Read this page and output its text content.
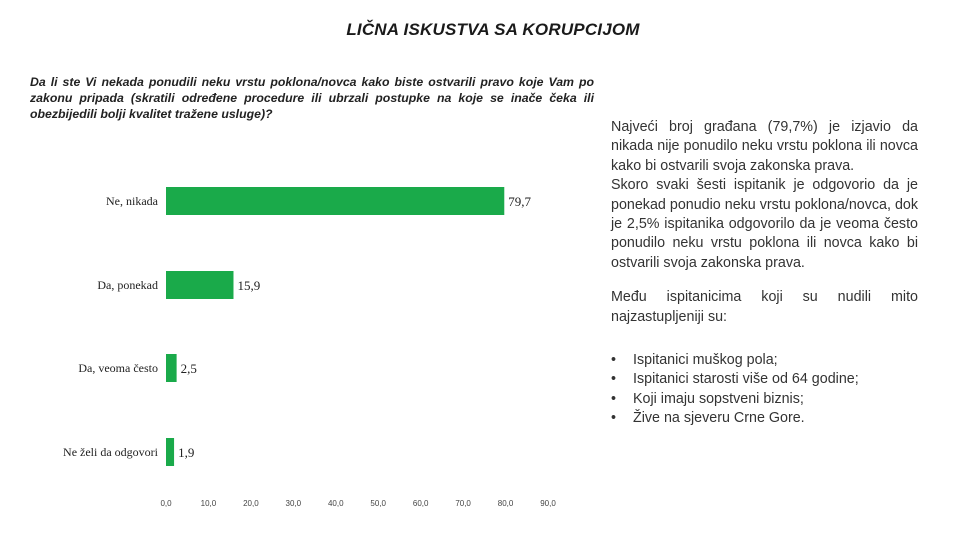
LIČNA ISKUSTVA SA KORUPCIJOM
Da li ste Vi nekada ponudili neku vrstu poklona/novca kako biste ostvarili pravo koje Vam po zakonu pripada (skratili određene procedure ili ubrzali postupke na koje se inače čeka ili obezbijedili bolji kvalitet tražene usluge)?
Ne, nikada	79,7
Da, ponekad	15,9
Da, veoma često 2,5
Ne želi da odgovori 1,9
0,0	10,0	20,0	30,0	40,0	50,0	60,0	70,0	80,0	90,0

Najveći broj građana (79,7%) je izjavio da nikada nije ponudilo neku vrstu poklona ili novca kako bi ostvarili svoja zakonska prava.

Skoro svaki šesti ispitanik je odgovorio da je ponekad ponudio neku vrstu poklona/novca, dok je 2,5% ispitanika odgovorilo da je veoma često ponudilo neku vrstu poklona ili novca kako bi ostvarili svoja zakonska prava.

Među ispitanicima koji su nudili mito najzastupljeniji su:

• Ispitanici muškog pola;
• Ispitanici starosti više od 64 godine;
• Koji imaju sopstveni biznis;
• Žive na sjeveru Crne Gore.
